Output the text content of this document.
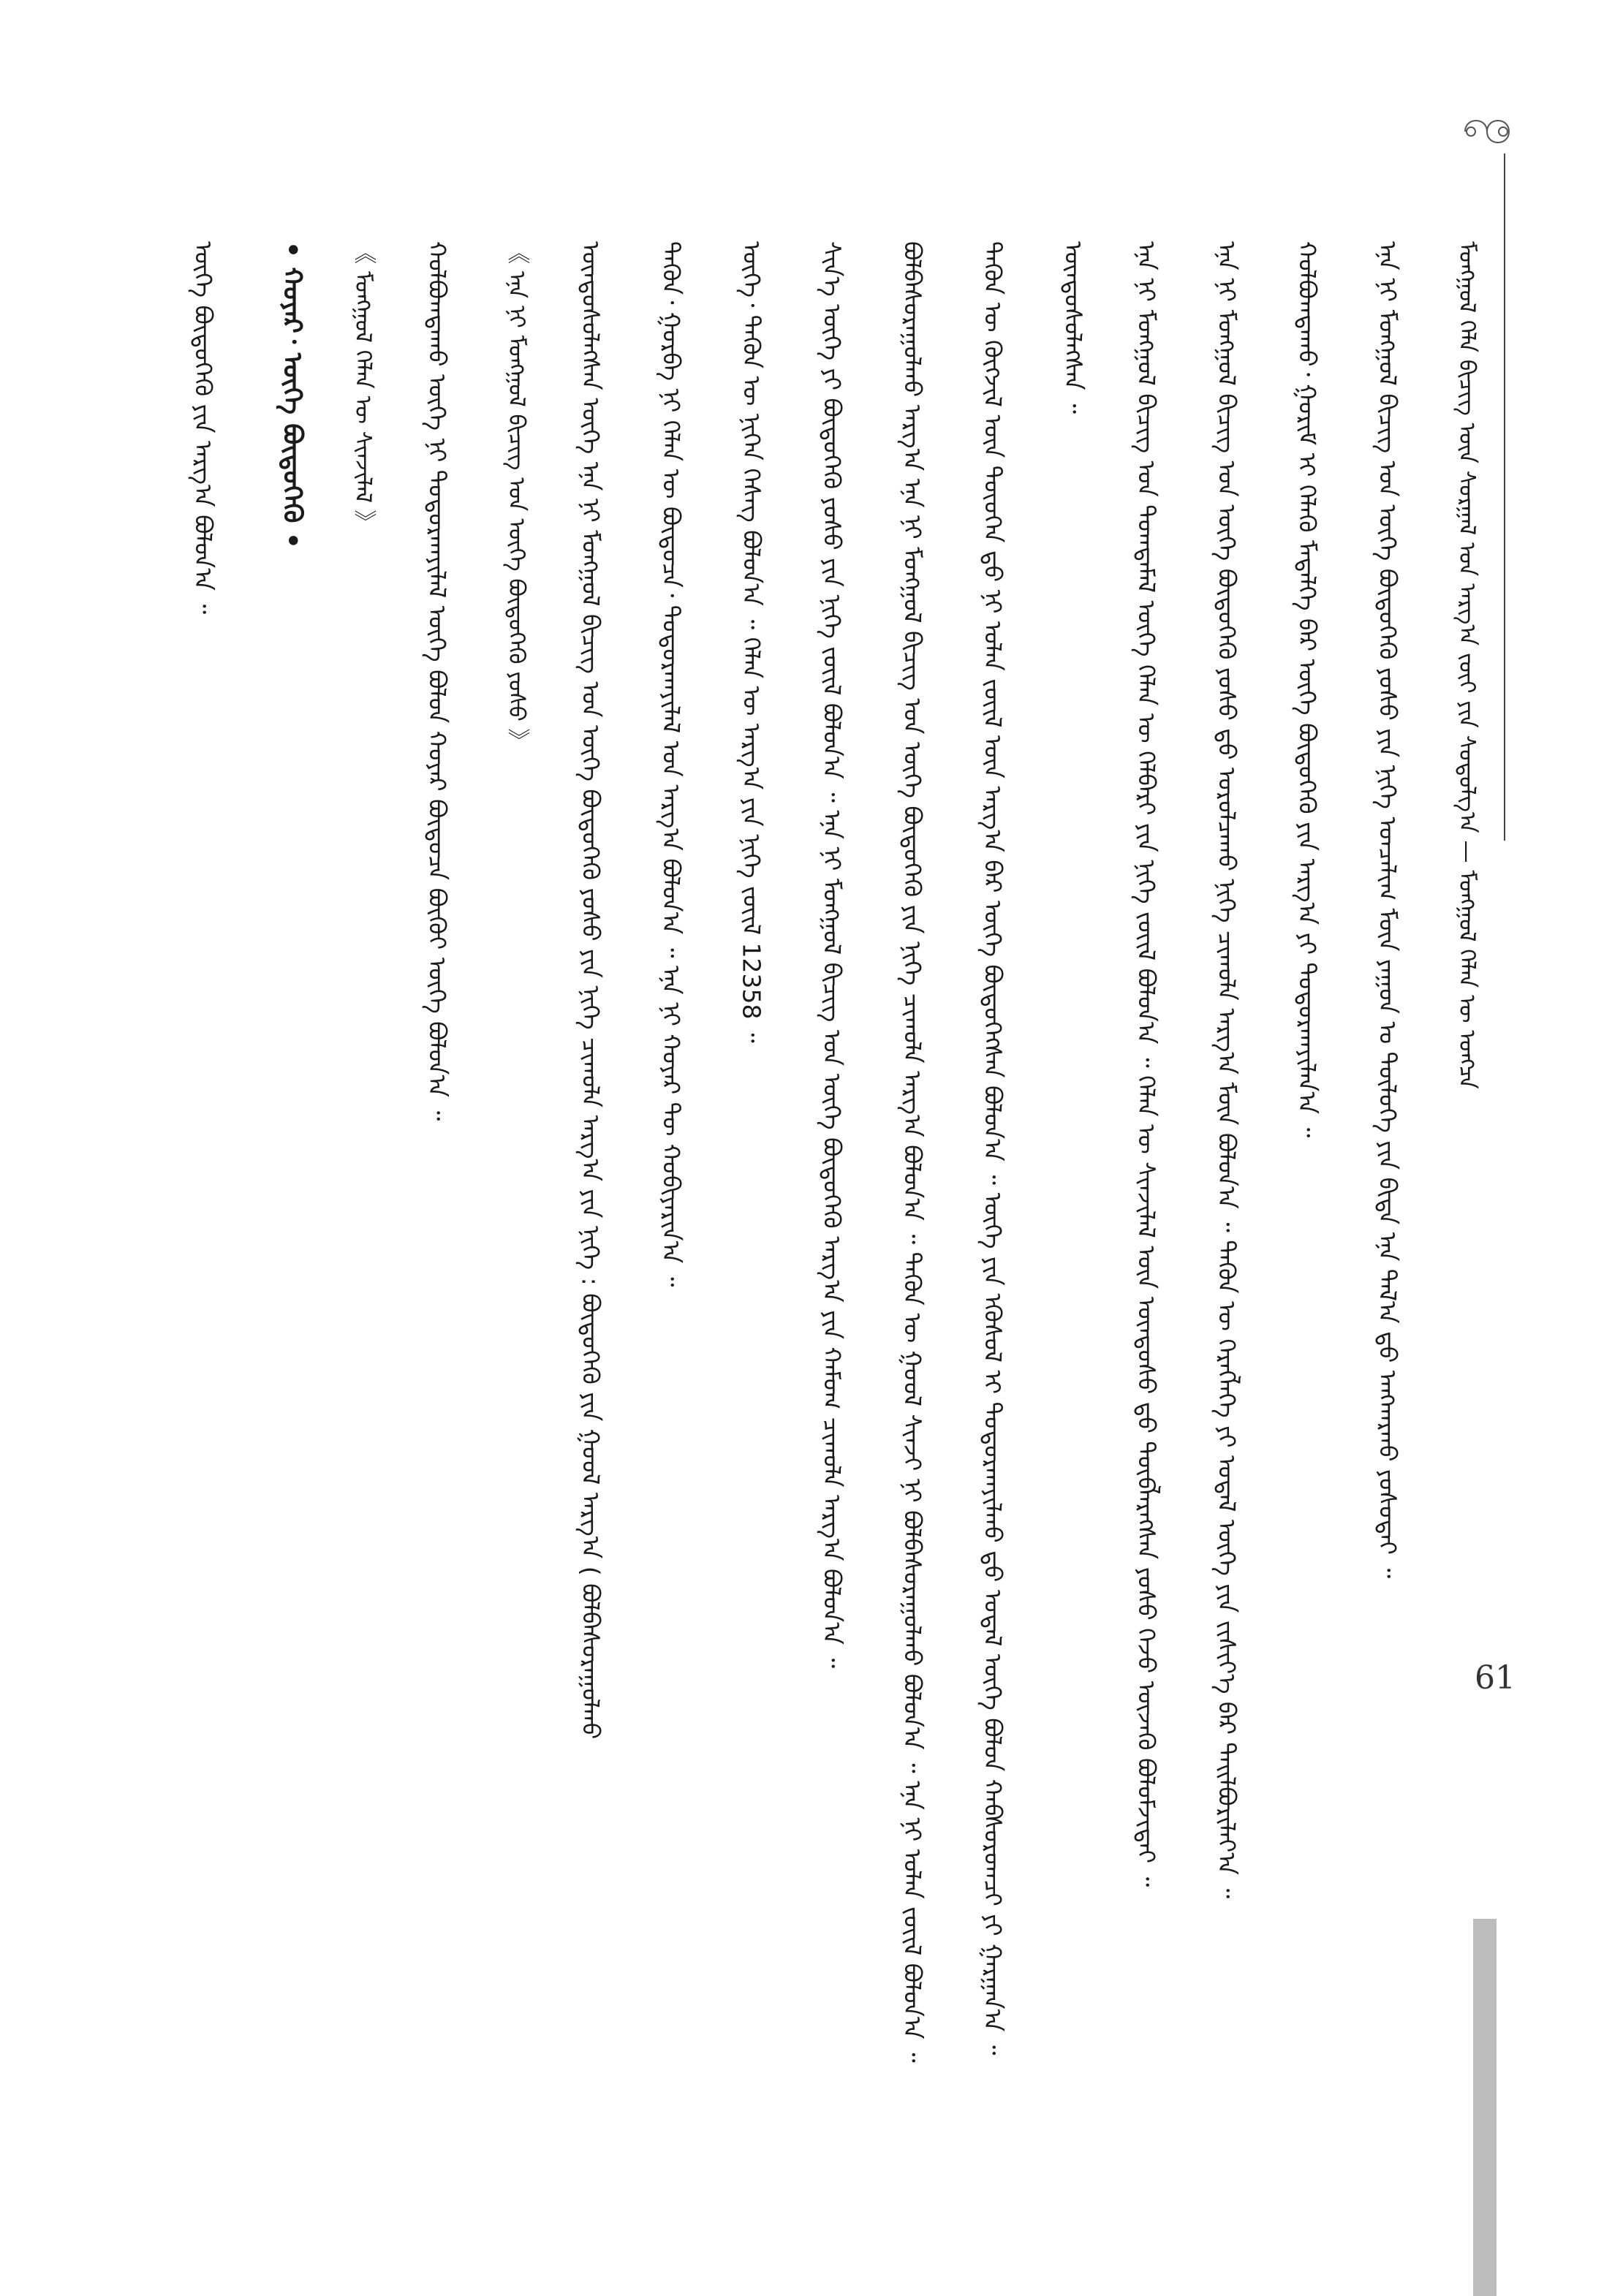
ᠮᠣᠩᠭᠣᠯ ᠬᠡᠯᠡ ᠪᠢᠴᠢᠭ᠌ ᠦᠨ ᠰᠤᠷᠭᠠᠯ ᠤᠨ ᠠᠷᠭ᠎ᠠ ᠵᠦᠢ ᠶᠢᠨ ᠰᠤᠳᠤᠯᠭ᠎ᠠ — ᠮᠣᠩᠭᠣᠯ ᠬᠡᠯᠡᠨ ᠦ ᠣᠩᠴᠠ
ᠡᠨᠡ ᠨᠢ ᠮᠣᠩᠭᠣᠯ ᠪᠢᠴᠢᠭ ᠤᠨ ᠦᠭᠡ ᠪᠦᠲᠦᠭᠡᠬᠦ ᠶᠣᠰᠣ ᠶᠢᠨ ᠨᠢᠭᠡ ᠣᠨᠴᠠᠯᠢᠭ ᠮᠥᠨ ᠶᠠᠭᠤᠨ ᠤ ᠲᠥᠯᠦᠭᠡ ᠶᠢᠨ ᠪᠢᠳᠡ ᠡᠨᠡ ᠲᠠᠯ᠎ᠠ ᠳ᠋ᠤ ᠠᠩᠬᠠᠷᠬᠤ ᠶᠣᠰᠣᠲᠠᠢ ᠃
ᠬᠣᠯᠪᠣᠭᠳᠠᠬᠤ᠂ ᠭᠣᠷᠢᠮ ᠢ ᠬᠡᠯᠡᠬᠦ ᠮᠡᠳᠡᠯᠭᠡ ᠪᠠᠷ ᠦᠭᠡ ᠪᠦᠲᠦᠭᠡᠬᠦ ᠶᠢᠨ ᠠᠷᠭ᠎ᠠ ᠶᠢ ᠲᠣᠳᠣᠷᠬᠠᠶᠢᠯᠠᠨ᠎ᠠ ᠃
ᠡᠨᠡ ᠨᠢ ᠮᠣᠩᠭᠣᠯ ᠪᠢᠴᠢᠭ ᠤᠨ ᠦᠭᠡ ᠪᠦᠲᠦᠭᠡᠬᠦ ᠶᠣᠰᠣ ᠳ᠋ᠤ ᠣᠷᠣᠯᠴᠠᠬᠤ ᠨᠢᠭᠡ ᠴᠢᠬᠤᠯᠠ ᠠᠷᠭ᠎ᠠ ᠮᠥᠨ ᠪᠣᠯᠤᠨ᠎ᠠ ᠃ ᠲᠡᠭᠦᠨ ᠦ ᠬᠡᠷᠡᠭᠯᠡᠭᠡ ᠶᠢ ᠤᠳᠠᠯ ᠦᠭᠡ ᠶᠢᠨ ᠵᠢᠱᠢᠶ᠎ᠡ ᠪᠡᠷ ᠲᠠᠢᠯᠪᠤᠷᠢᠯᠠᠶ᠎ᠠ ᠃
ᠡᠨᠡ ᠨᠢ ᠮᠣᠩᠭᠣᠯ ᠪᠢᠴᠢᠭ ᠤᠨ ᠲᠣᠭᠲᠠᠮᠠᠯ ᠦᠭᠡ ᠬᠡᠯᠡᠨ ᠦ ᠬᠡᠯᠪᠡᠷᠢ ᠶᠢᠨ ᠨᠢᠭᠡ ᠵᠦᠢᠯ ᠪᠣᠯᠤᠨ᠎ᠠ ᠃ ᠬᠡᠯᠡᠨ ᠦ ᠰᠢᠨᠵᠢᠯᠡᠯ ᠦᠨ ᠦᠨᠳᠦᠰᠦ ᠳ᠋ᠤ ᠲᠥᠪᠯᠡᠷᠡᠭᠰᠡᠨ ᠶᠣᠰᠣ ᠭᠡᠵᠦ ᠦᠵᠡᠬᠦ ᠪᠣᠯᠤᠮᠵᠢᠲᠠᠢ ᠃
ᠦᠨᠳᠦᠰᠦᠯᠡᠭᠰᠡᠨ ᠃
ᠲᠡᠭᠦᠨ ᠦ ᠬᠥᠭᠵᠢᠯ ᠦᠨ ᠲᠦᠦᠬᠡᠨ ᠳ᠋ᠦ ᠨᠢ ᠣᠯᠠᠨ ᠵᠦᠢᠯ ᠦᠨ ᠠᠷᠭ᠎ᠠ ᠪᠠᠷ ᠦᠭᠡ ᠪᠦᠲᠦᠭᠡᠭᠰᠡᠨ ᠪᠣᠯᠤᠨ᠎ᠠ ᠃ ᠦᠭᠡ ᠶᠢᠨ ᠡᠭᠦᠰᠦᠯ ᠢ ᠲᠣᠳᠣᠷᠬᠠᠶᠢᠯᠬᠤ ᠳ᠋ᠤ ᠤᠳᠠᠯ ᠦᠭᠡ ᠪᠣᠯᠤᠨ ᠬᠠᠪᠰᠤᠷᠤᠭᠴᠢ ᠶᠢ ᠭᠠᠷᠭᠠᠨ᠎ᠠ ᠃
ᠪᠣᠯᠪᠠᠰᠤᠷᠠᠭᠤᠯᠬᠤ ᠠᠷᠭ᠎ᠠ ᠡᠨᠡ ᠨᠢ ᠮᠣᠩᠭᠣᠯ ᠪᠢᠴᠢᠭ ᠤᠨ ᠦᠭᠡ ᠪᠦᠲᠦᠭᠡᠬᠦ ᠶᠢᠨ ᠨᠢᠭᠡ ᠴᠢᠬᠤᠯᠠ ᠠᠷᠭ᠎ᠠ ᠪᠣᠯᠤᠨ᠎ᠠ ᠃ ᠲᠡᠭᠦᠨ ᠦ ᠭᠣᠣᠯ ᠰᠢᠨᠵᠢ ᠨᠢ ᠪᠣᠯᠪᠠᠰᠤᠷᠠᠭᠤᠯᠬᠤ ᠪᠣᠯᠤᠨ᠎ᠠ ᠃ ᠡᠨᠡ ᠨᠢ ᠣᠯᠠᠨ ᠵᠦᠢᠯ ᠪᠣᠯᠤᠨ᠎ᠠ ᠃
ᠰᠢᠨ᠎ᠡ ᠦᠭᠡ ᠶᠢ ᠪᠦᠲᠦᠭᠡᠬᠦ ᠶᠣᠰᠣ ᠶᠢᠨ ᠨᠢᠭᠡ ᠵᠦᠢᠯ ᠪᠣᠯᠤᠨ᠎ᠠ ᠃ ᠡᠨᠡ ᠨᠢ ᠮᠣᠩᠭᠣᠯ ᠪᠢᠴᠢᠭ ᠤᠨ ᠦᠭᠡ ᠪᠦᠲᠦᠭᠡᠬᠦ ᠠᠷᠭ᠎ᠠ ᠶᠢᠨ ᠬᠠᠮᠤᠭ ᠴᠢᠬᠤᠯᠠ ᠠᠷᠭ᠎ᠠ ᠪᠣᠯᠤᠨ᠎ᠠ ᠃
ᠦᠭᠡ᠂ ᠲᠡᠭᠦᠨ ᠦ ᠨᠢᠭᠡᠨ ᠬᠡᠰᠡᠭ ᠪᠣᠯᠤᠨ᠎ᠠ ᠃ ᠬᠡᠯᠡᠨ ᠦ ᠠᠷᠭ᠎ᠠ ᠶᠢᠨ ᠨᠢᠭᠡ ᠵᠦᠢᠯ 12358 ᠃
ᠲᠡᠭᠦᠨ᠂ ᠭᠣᠷᠪᠠ ᠨᠢ ᠬᠡᠯᠡᠨ ᠦ ᠪᠦᠲᠦᠴᠡ᠂ ᠲᠣᠳᠣᠷᠬᠠᠶᠢᠯᠠᠯ ᠤᠨ ᠠᠷᠭ᠎ᠠ ᠪᠣᠯᠤᠨ᠎ᠠ ᠃ ᠡᠨᠡ ᠨᠢ ᠬᠣᠶᠠᠷ ᠲᠦ ᠬᠤᠪᠢᠶᠠᠷᠢᠨ᠎ᠠ ᠃
ᠦᠨᠳᠦᠰᠦᠯᠡᠭᠰᠡᠨ ᠦᠭᠡ ᠡᠨᠡ ᠨᠢ ᠮᠣᠩᠭᠣᠯ ᠪᠢᠴᠢᠭ ᠤᠨ ᠦᠭᠡ ᠪᠦᠲᠦᠭᠡᠬᠦ ᠶᠣᠰᠣ ᠶᠢᠨ ᠨᠢᠭᠡ ᠴᠢᠬᠤᠯᠠ ᠠᠷᠭ᠎ᠠ ᠶᠢᠨ ᠨᠢᠭᠡ : ᠪᠦᠲᠦᠭᠡᠬᠦ ᠶᠢᠨ ᠭᠣᠣᠯ ᠠᠷᠭ᠎ᠠ ( ᠪᠣᠯᠪᠠᠰᠤᠷᠠᠭᠤᠯᠬᠤ
《 ᠡᠨᠡ ᠨᠢ ᠮᠣᠩᠭᠣᠯ ᠪᠢᠴᠢᠭ ᠤᠨ ᠦᠭᠡ ᠪᠦᠲᠦᠭᠡᠬᠦ ᠶᠣᠰᠣ 》
ᠬᠣᠯᠪᠣᠭᠳᠠᠬᠤ ᠦᠭᠡ ᠨᠢ ᠲᠣᠳᠣᠷᠬᠠᠶᠢᠯᠠᠯ ᠦᠭᠡ ᠪᠣᠯᠤᠨ ᠬᠣᠶᠠᠷ ᠪᠦᠲᠦᠴᠡ ᠪᠦᠬᠦᠢ ᠦᠭᠡ ᠪᠣᠯᠤᠨ᠎ᠠ ᠃
《 ᠮᠣᠩᠭᠣᠯ ᠬᠡᠯᠡᠨ ᠦ ᠰᠢᠨᠵᠢᠯᠡᠯ 》
• ᠬᠣᠶᠠᠷ᠂ ᠦᠭᠡ ᠪᠦᠲᠦᠭᠡᠬᠦ •
ᠦᠭᠡ ᠪᠦᠲᠦᠭᠡᠬᠦ ᠶᠢᠨ ᠠᠷᠭ᠎ᠠ ᠪᠣᠯᠤᠨ᠎ᠠ ᠃
61
